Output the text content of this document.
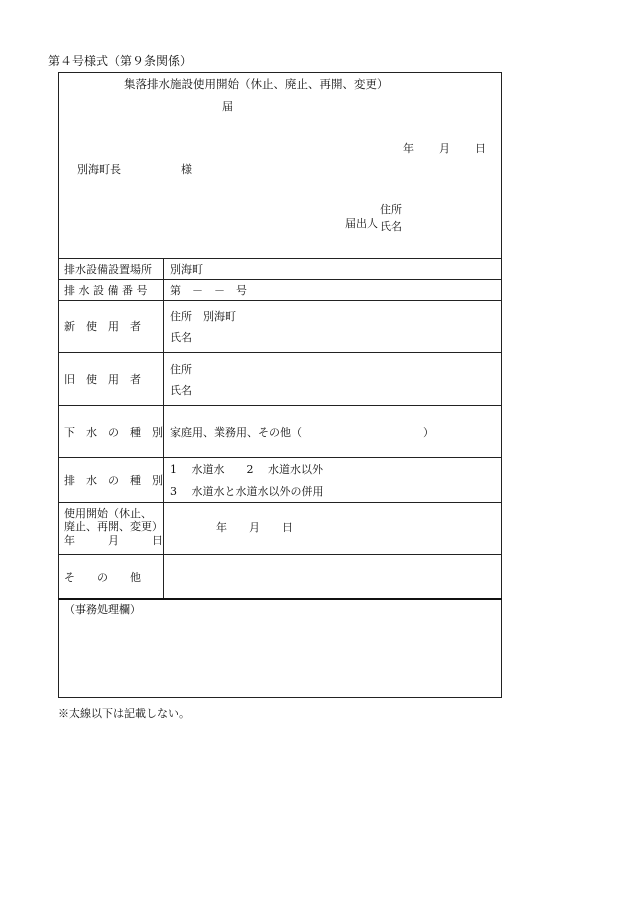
第４号様式（第９条関係）
集落排水施設使用開始（休止、廃止、再開、変更）
届
年 月 日
別海町長	様
住所
届出人 氏名
排水設備設置場所 別海町
排 水 設 備 番 号 第　－　－　号
新　使　用　者
住所　別海町
氏名
旧　使　用　者
住所
氏名
下　水　の　種　別 家庭用、業務用、その他（　　　　　　　　　　　）
排　水　の　種　別
1　 水道水　　2　 水道水以外
3　 水道水と水道水以外の併用
使用開始（休止、
廃止、再開、変更）
年　　　月　　　日
年　　月　　日
そ　　の　　他
（事務処理欄）
※太線以下は記載しない。
